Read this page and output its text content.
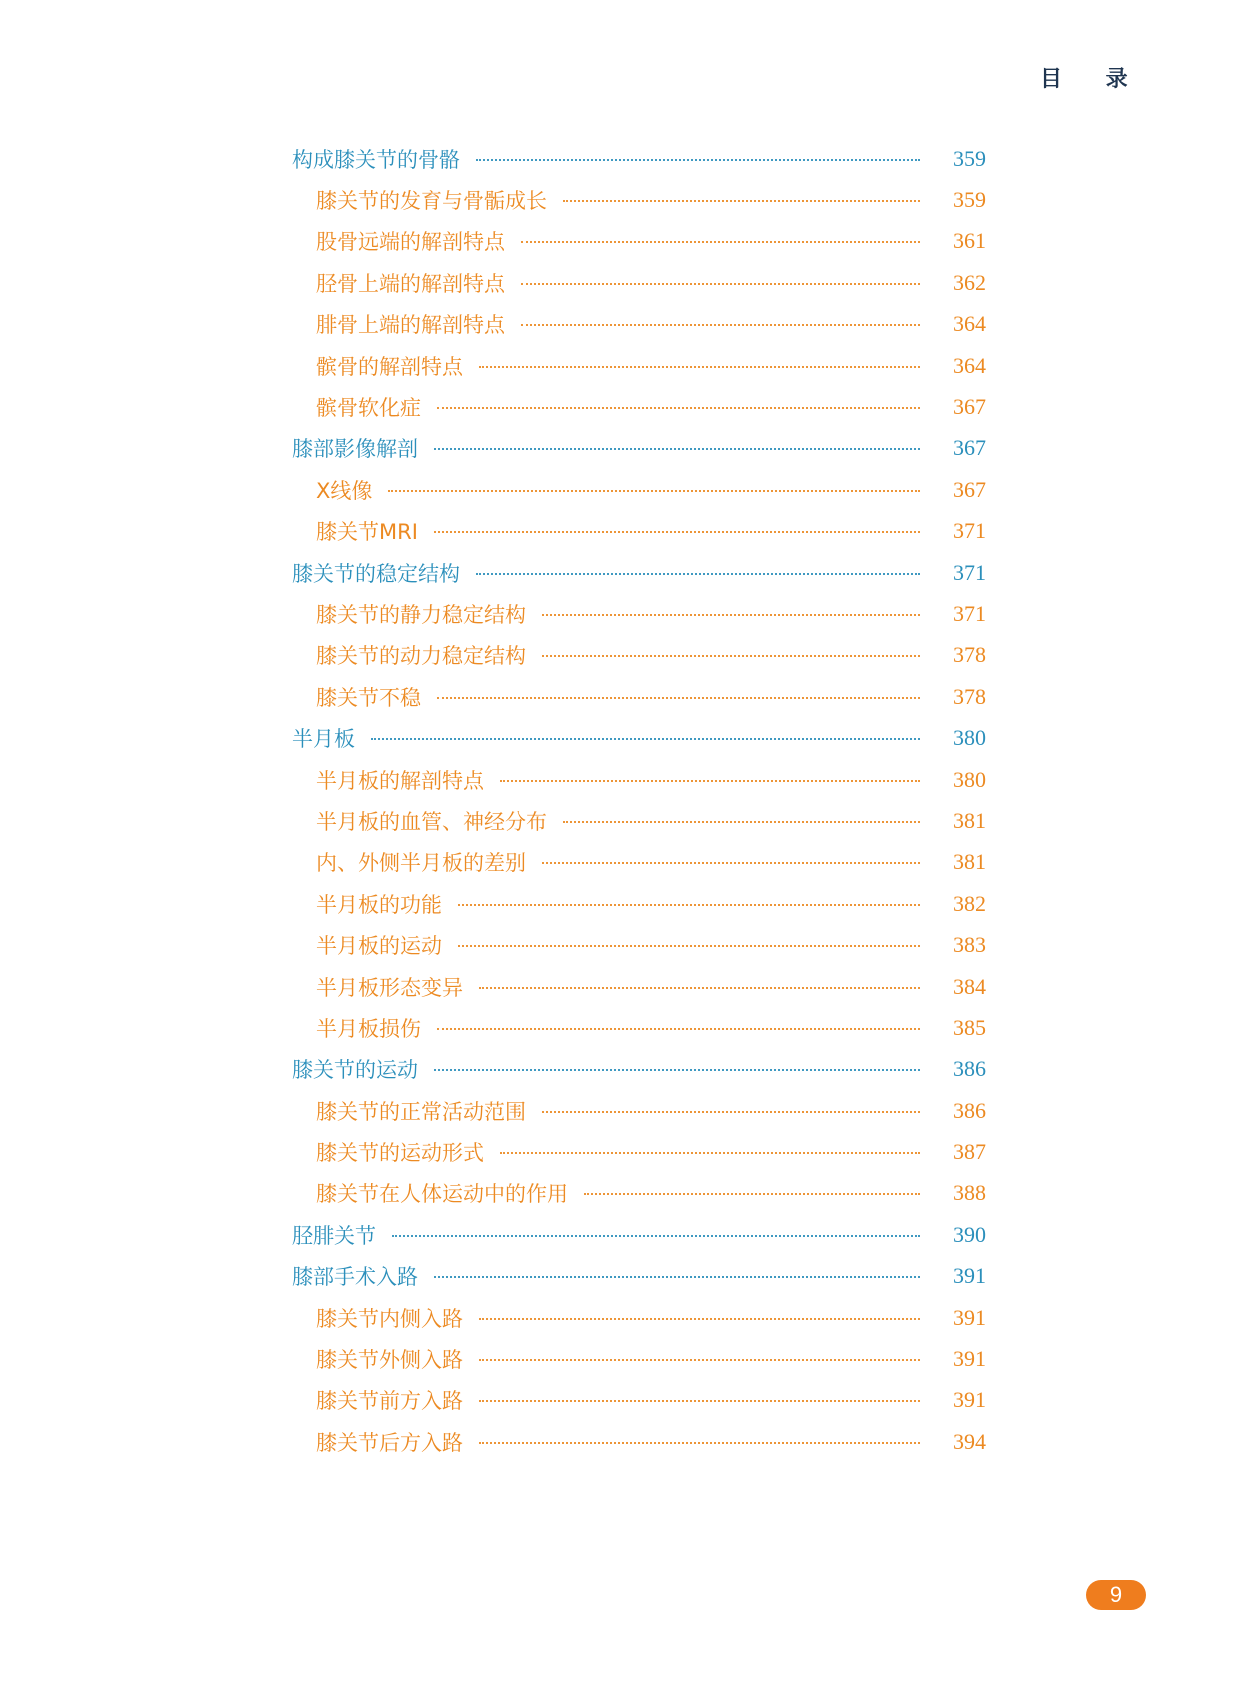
目 录
构成膝关节的骨骼	359
膝关节的发育与骨骺成长	359
股骨远端的解剖特点	361
胫骨上端的解剖特点	362
腓骨上端的解剖特点	364
髌骨的解剖特点	364
髌骨软化症	367
膝部影像解剖	367
X线像	367
膝关节MRI	371
膝关节的稳定结构	371
膝关节的静力稳定结构	371
膝关节的动力稳定结构	378
膝关节不稳	378
半月板	380
半月板的解剖特点	380
半月板的血管、神经分布	381
内、外侧半月板的差别	381
半月板的功能	382
半月板的运动	383
半月板形态变异	384
半月板损伤	385
膝关节的运动	386
膝关节的正常活动范围	386
膝关节的运动形式	387
膝关节在人体运动中的作用	388
胫腓关节	390
膝部手术入路	391
膝关节内侧入路	391
膝关节外侧入路	391
膝关节前方入路	391
膝关节后方入路	394
9
